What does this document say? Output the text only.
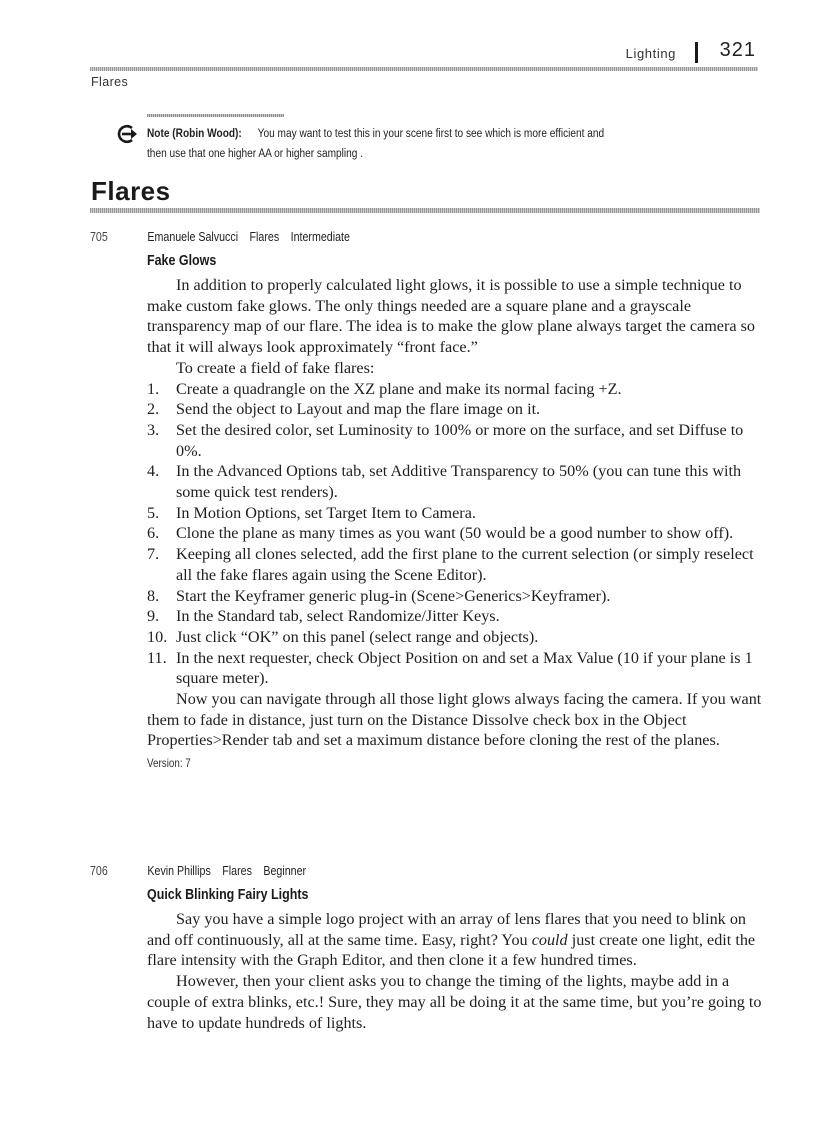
Lighting 321
Flares
Note (Robin Wood): You may want to test this in your scene first to see which is more efficient and
then use that one higher AA or higher sampling .
Flares
705	Emanuele Salvucci Flares Intermediate
Fake Glows

In addition to properly calculated light glows, it is possible to use a simple technique to make custom fake glows. The only things needed are a square plane and a grayscale transparency map of our flare. The idea is to make the glow plane always target the camera so that it will always look approximately “front face.”

To create a field of fake flares:

1. Create a quadrangle on the XZ plane and make its normal facing +Z.
2. Send the object to Layout and map the flare image on it.
3. Set the desired color, set Luminosity to 100% or more on the surface, and set Diffuse to 0%.
4. In the Advanced Options tab, set Additive Transparency to 50% (you can tune this with some quick test renders).
5. In Motion Options, set Target Item to Camera.
6. Clone the plane as many times as you want (50 would be a good number to show off).
7. Keeping all clones selected, add the first plane to the current selection (or simply reselect all the fake flares again using the Scene Editor).
8. Start the Keyframer generic plug-in (Scene>Generics>Keyframer).
9. In the Standard tab, select Randomize/Jitter Keys.
10. Just click “OK” on this panel (select range and objects).
11. In the next requester, check Object Position on and set a Max Value (10 if your plane is 1 square meter).

Now you can navigate through all those light glows always facing the camera. If you want them to fade in distance, just turn on the Distance Dissolve check box in the Object Properties>Render tab and set a maximum distance before cloning the rest of the planes.

Version: 7
706	Kevin Phillips Flares Beginner
Quick Blinking Fairy Lights

Say you have a simple logo project with an array of lens flares that you need to blink on and off continuously, all at the same time. Easy, right? You could just create one light, edit the flare intensity with the Graph Editor, and then clone it a few hundred times.

However, then your client asks you to change the timing of the lights, maybe add in a couple of extra blinks, etc.! Sure, they may all be doing it at the same time, but you’re going to have to update hundreds of lights.
